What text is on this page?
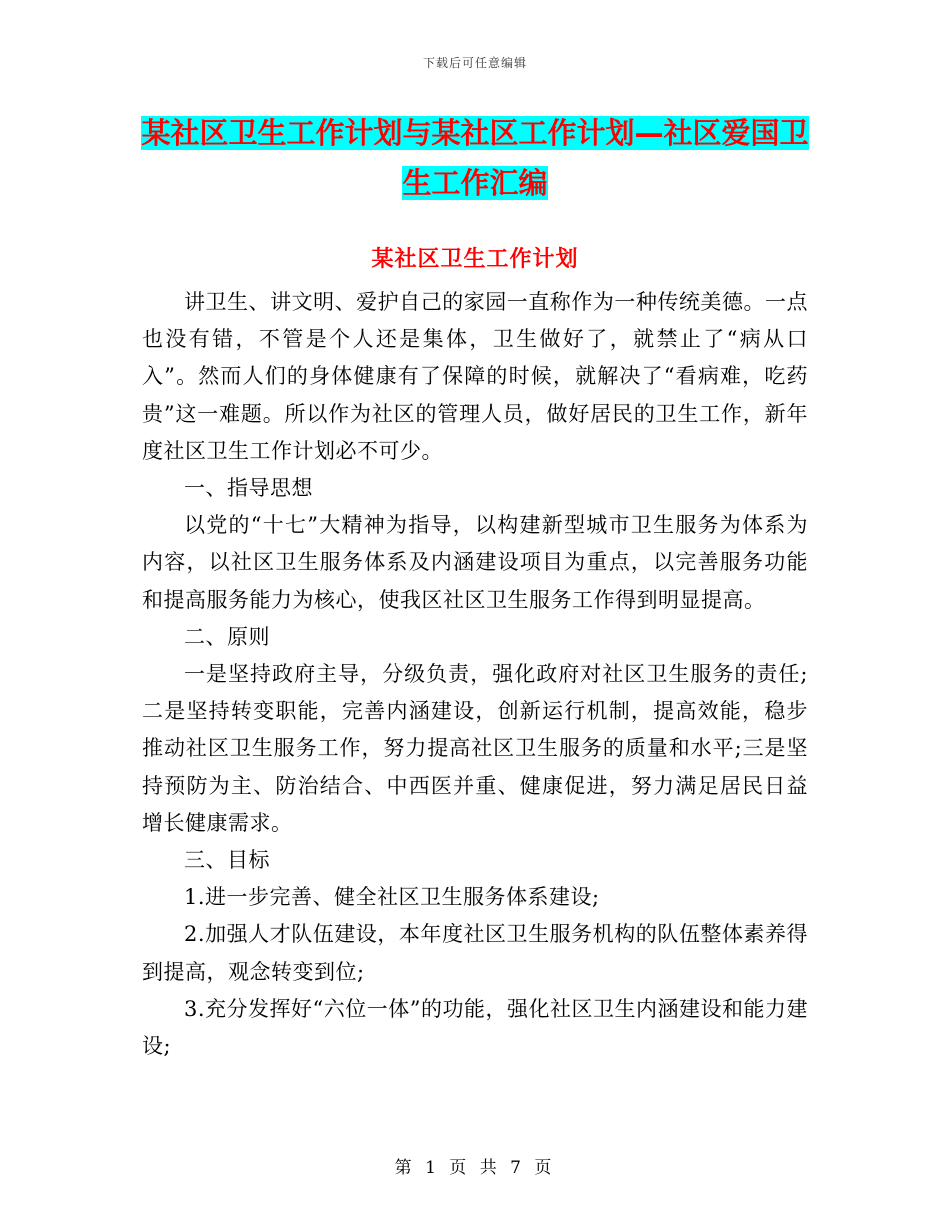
下载后可任意编辑
某社区卫生工作计划与某社区工作计划—社区爱国卫生工作汇编
某社区卫生工作计划

讲卫生、讲文明、爱护自己的家园一直称作为一种传统美德。一点也没有错，不管是个人还是集体，卫生做好了，就禁止了“病从口入”。然而人们的身体健康有了保障的时候，就解决了“看病难，吃药贵”这一难题。所以作为社区的管理人员，做好居民的卫生工作，新年度社区卫生工作计划必不可少。

一、指导思想

以党的“十七”大精神为指导，以构建新型城市卫生服务为体系为内容，以社区卫生服务体系及内涵建设项目为重点，以完善服务功能和提高服务能力为核心，使我区社区卫生服务工作得到明显提高。

二、原则

一是坚持政府主导，分级负责，强化政府对社区卫生服务的责任;二是坚持转变职能，完善内涵建设，创新运行机制，提高效能，稳步推动社区卫生服务工作，努力提高社区卫生服务的质量和水平;三是坚持预防为主、防治结合、中西医并重、健康促进，努力满足居民日益增长健康需求。

三、目标

1.进一步完善、健全社区卫生服务体系建设;

2.加强人才队伍建设，本年度社区卫生服务机构的队伍整体素养得到提高，观念转变到位;

3.充分发挥好“六位一体”的功能，强化社区卫生内涵建设和能力建设;

第 1 页 共 7 页
